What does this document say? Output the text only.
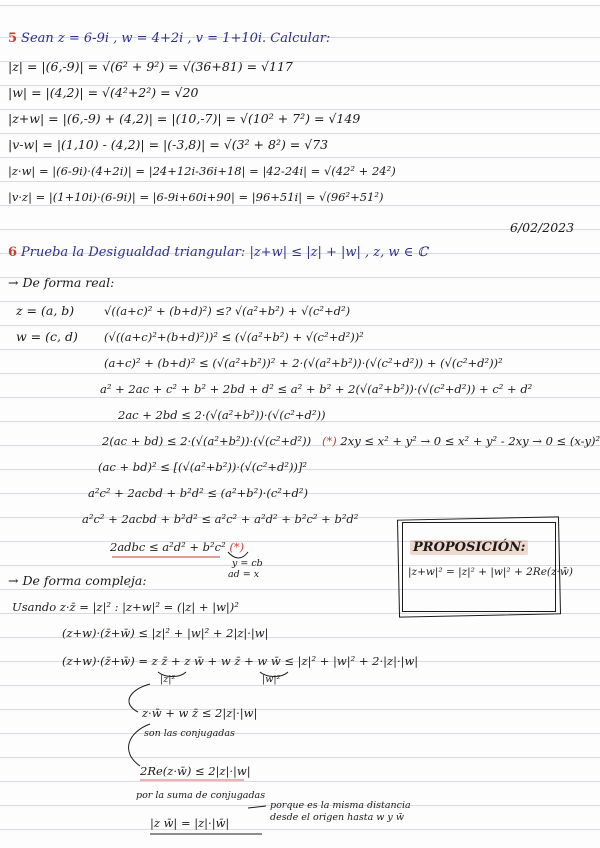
5 Sean z = 6-9i , w = 4+2i , v = 1+10i. Calcular:
|z| = |(6,-9)| = √(6² + 9²) = √(36+81) = √117
|w| = |(4,2)| = √(4²+2²) = √20
|z+w| = |(6,-9) + (4,2)| = |(10,-7)| = √(10² + 7²) = √149
|v-w| = |(1,10) - (4,2)| = |(-3,8)| = √(3² + 8²) = √73
|z·w| = |(6-9i)·(4+2i)| = |24+12i-36i+18| = |42-24i| = √(42² + 24²)
|v·z| = |(1+10i)·(6-9i)| = |6-9i+60i+90| = |96+51i| = √(96²+51²)
6/02/2023
6 Prueba la Desigualdad triangular: |z+w| ≤ |z| + |w| , z, w ∈ ℂ
→ De forma real:
z = (a, b)
w = (c, d)
√((a+c)² + (b+d)²) ≤? √(a²+b²) + √(c²+d²)
(√((a+c)²+(b+d)²))² ≤ (√(a²+b²) + √(c²+d²))²
(a+c)² + (b+d)² ≤ (√(a²+b²))² + 2·(√(a²+b²))·(√(c²+d²)) + (√(c²+d²))²
a² + 2ac + c² + b² + 2bd + d² ≤ a² + b² + 2(√(a²+b²))·(√(c²+d²)) + c² + d²
2ac + 2bd ≤ 2·(√(a²+b²))·(√(c²+d²))
2(ac + bd) ≤ 2·(√(a²+b²))·(√(c²+d²))
(ac + bd)² ≤ [(√(a²+b²))·(√(c²+d²))]²
a²c² + 2acbd + b²d² ≤ (a²+b²)·(c²+d²)
a²c² + 2acbd + b²d² ≤ a²c² + a²d² + b²c² + b²d²
2adbc ≤ a²d² + b²c² (*)
y = cb
ad = x
(*) 2xy ≤ x² + y² → 0 ≤ x² + y² - 2xy → 0 ≤ (x-y)²
PROPOSICIÓN:
|z+w|² = |z|² + |w|² + 2Re(z·w̄)
→ De forma compleja:
Usando z·z̄ = |z|² : |z+w|² = (|z| + |w|)²
(z+w)·(z̄+w̄) ≤ |z|² + |w|² + 2|z|·|w|
(z+w)·(z̄+w̄) = z z̄ + z w̄ + w z̄ + w w̄ ≤ |z|² + |w|² + 2·|z|·|w|
|z|²	|w|²
z·w̄ + w z̄ ≤ 2|z|·|w|
son las conjugadas
2Re(z·w̄) ≤ 2|z|·|w|
por la suma de conjugadas
|z w̄| = |z|·|w̄|
porque es la misma distancia
desde el origen hasta w y w̄
